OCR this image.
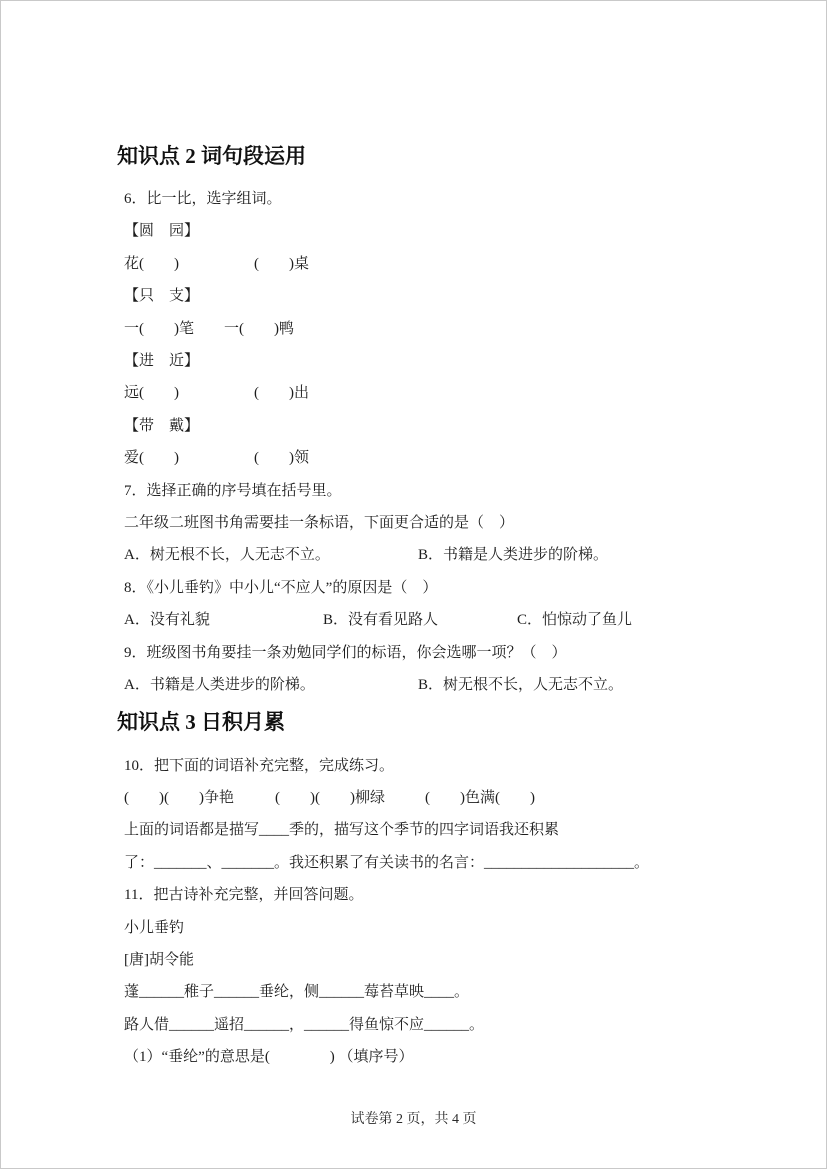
知识点 2 词句段运用
6．比一比，选字组词。
【圆　园】
花(　　)　　　　　(　　)桌
【只　支】
一(　　)笔　　一(　　)鸭
【进　近】
远(　　)　　　　　(　　)出
【带　戴】
爱(　　)　　　　　(　　)领
7．选择正确的序号填在括号里。
二年级二班图书角需要挂一条标语，下面更合适的是（　）
A．树无根不长，人无志不立。	B．书籍是人类进步的阶梯。
8．《小儿垂钓》中小儿“不应人”的原因是（　）
A．没有礼貌	B．没有看见路人	C．怕惊动了鱼儿
9．班级图书角要挂一条劝勉同学们的标语，你会选哪一项？（　）
A．书籍是人类进步的阶梯。	B．树无根不长，人无志不立。
知识点 3 日积月累
10．把下面的词语补充完整，完成练习。
(　　)(　　)争艳	(　　)(　　)柳绿	(　　)色满(　　)
上面的词语都是描写____季的，描写这个季节的四字词语我还积累
了：_______、_______。我还积累了有关读书的名言：____________________。
11．把古诗补充完整，并回答问题。
小儿垂钓
[唐]胡令能
蓬______稚子______垂纶，侧______莓苔草映____。
路人借______遥招______，______得鱼惊不应______。
（1）“垂纶”的意思是(　　　　) （填序号）
试卷第 2 页，共 4 页
